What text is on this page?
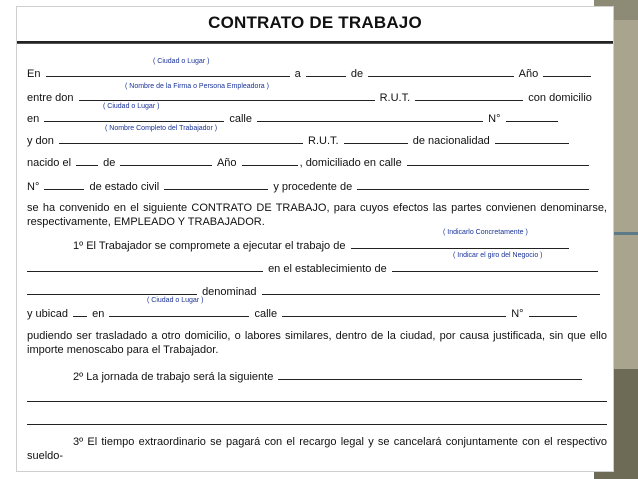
CONTRATO DE TRABAJO
( Ciudad o Lugar )
En	a	de	Año
( Nombre de la Firma o Persona Empleadora )
entre don	R.U.T.	con domicilio
( Ciudad o Lugar )
en	calle	N°
( Nombre Completo del Trabajador )
y don	R.U.T.	de nacionalidad
nacido el	de	Año	, domiciliado en calle
N°	de estado civil	y procedente de
se ha convenido en el siguiente CONTRATO DE TRABAJO, para cuyos efectos las partes convienen denominarse, respectivamente, EMPLEADO Y TRABAJADOR.
( Indicarlo Concretamente )
1º El Trabajador se compromete a ejecutar el trabajo de
( Indicar el giro del Negocio )
en el establecimiento de
denominad
( Ciudad o Lugar )
y ubicad en	calle	N°
pudiendo ser trasladado a otro domicilio, o labores similares, dentro de la ciudad, por causa justificada, sin que ello importe menoscabo para el Trabajador.
2º La jornada de trabajo será la siguiente
3º El tiempo extraordinario se pagará con el recargo legal y se cancelará conjuntamente con el respectivo sueldo-
